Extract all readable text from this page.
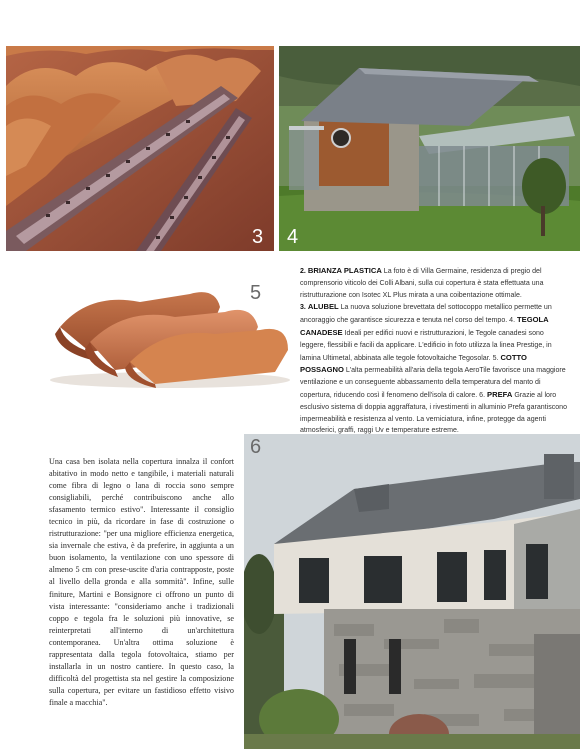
3 4
5
2. BRIANZA PLASTICA La foto è di Villa Germaine, residenza di pregio del comprensorio viticolo dei Colli Albani, sulla cui copertura è stata effettuata una ristrutturazione con Isotec XL Plus mirata a una coibentazione ottimale.
3. ALUBEL La nuova soluzione brevettata del sottocoppo metallico permette un ancoraggio che garantisce sicurezza e tenuta nel corso del tempo. 4. TEGOLA CANADESE Ideali per edifici nuovi e ristrutturazioni, le Tegole canadesi sono leggere, flessibili e facili da applicare. L'edificio in foto utilizza la linea Prestige, in lamina Ultimetal, abbinata alle tegole fotovoltaiche Tegosolar. 5. COTTO POSSAGNO L'alta permeabilità all'aria della tegola AeroTile favorisce una maggiore ventilazione e un conseguente abbassamento della temperatura del manto di copertura, riducendo così il fenomeno dell'isola di calore. 6. PREFA Grazie al loro esclusivo sistema di doppia aggraffatura, i rivestimenti in alluminio Prefa garantiscono impermeabilità e resistenza al vento. La verniciatura, infine, protegge da agenti atmosferici, graffi, raggi Uv e temperature estreme.
Una casa ben isolata nella copertura innalza il confort abitativo in modo netto e tangibile, i materiali naturali come fibra di legno o lana di roccia sono sempre consigliabili, perché contribuiscono anche allo sfasamento termico estivo". Interessante il consiglio tecnico in più, da ricordare in fase di costruzione o ristrutturazione: "per una migliore efficienza energetica, sia invernale che estiva, è da preferire, in aggiunta a un buon isolamento, la ventilazione con uno spessore di almeno 5 cm con prese-uscite d'aria contrapposte, poste al livello della gronda e alla sommità". Infine, sulle finiture, Martini e Bonsignore ci offrono un punto di vista interessante: "consideriamo anche i tradizionali coppo e tegola fra le soluzioni più innovative, se reinterpretati all'interno di un'architettura contemporanea. Un'altra ottima soluzione è rappresentata dalla tegola fotovoltaica, stiamo per installarla in un nostro cantiere. In questo caso, la difficoltà del progettista sta nel gestire la composizione sulla copertura, per evitare un fastidioso effetto visivo finale a macchia".
6
